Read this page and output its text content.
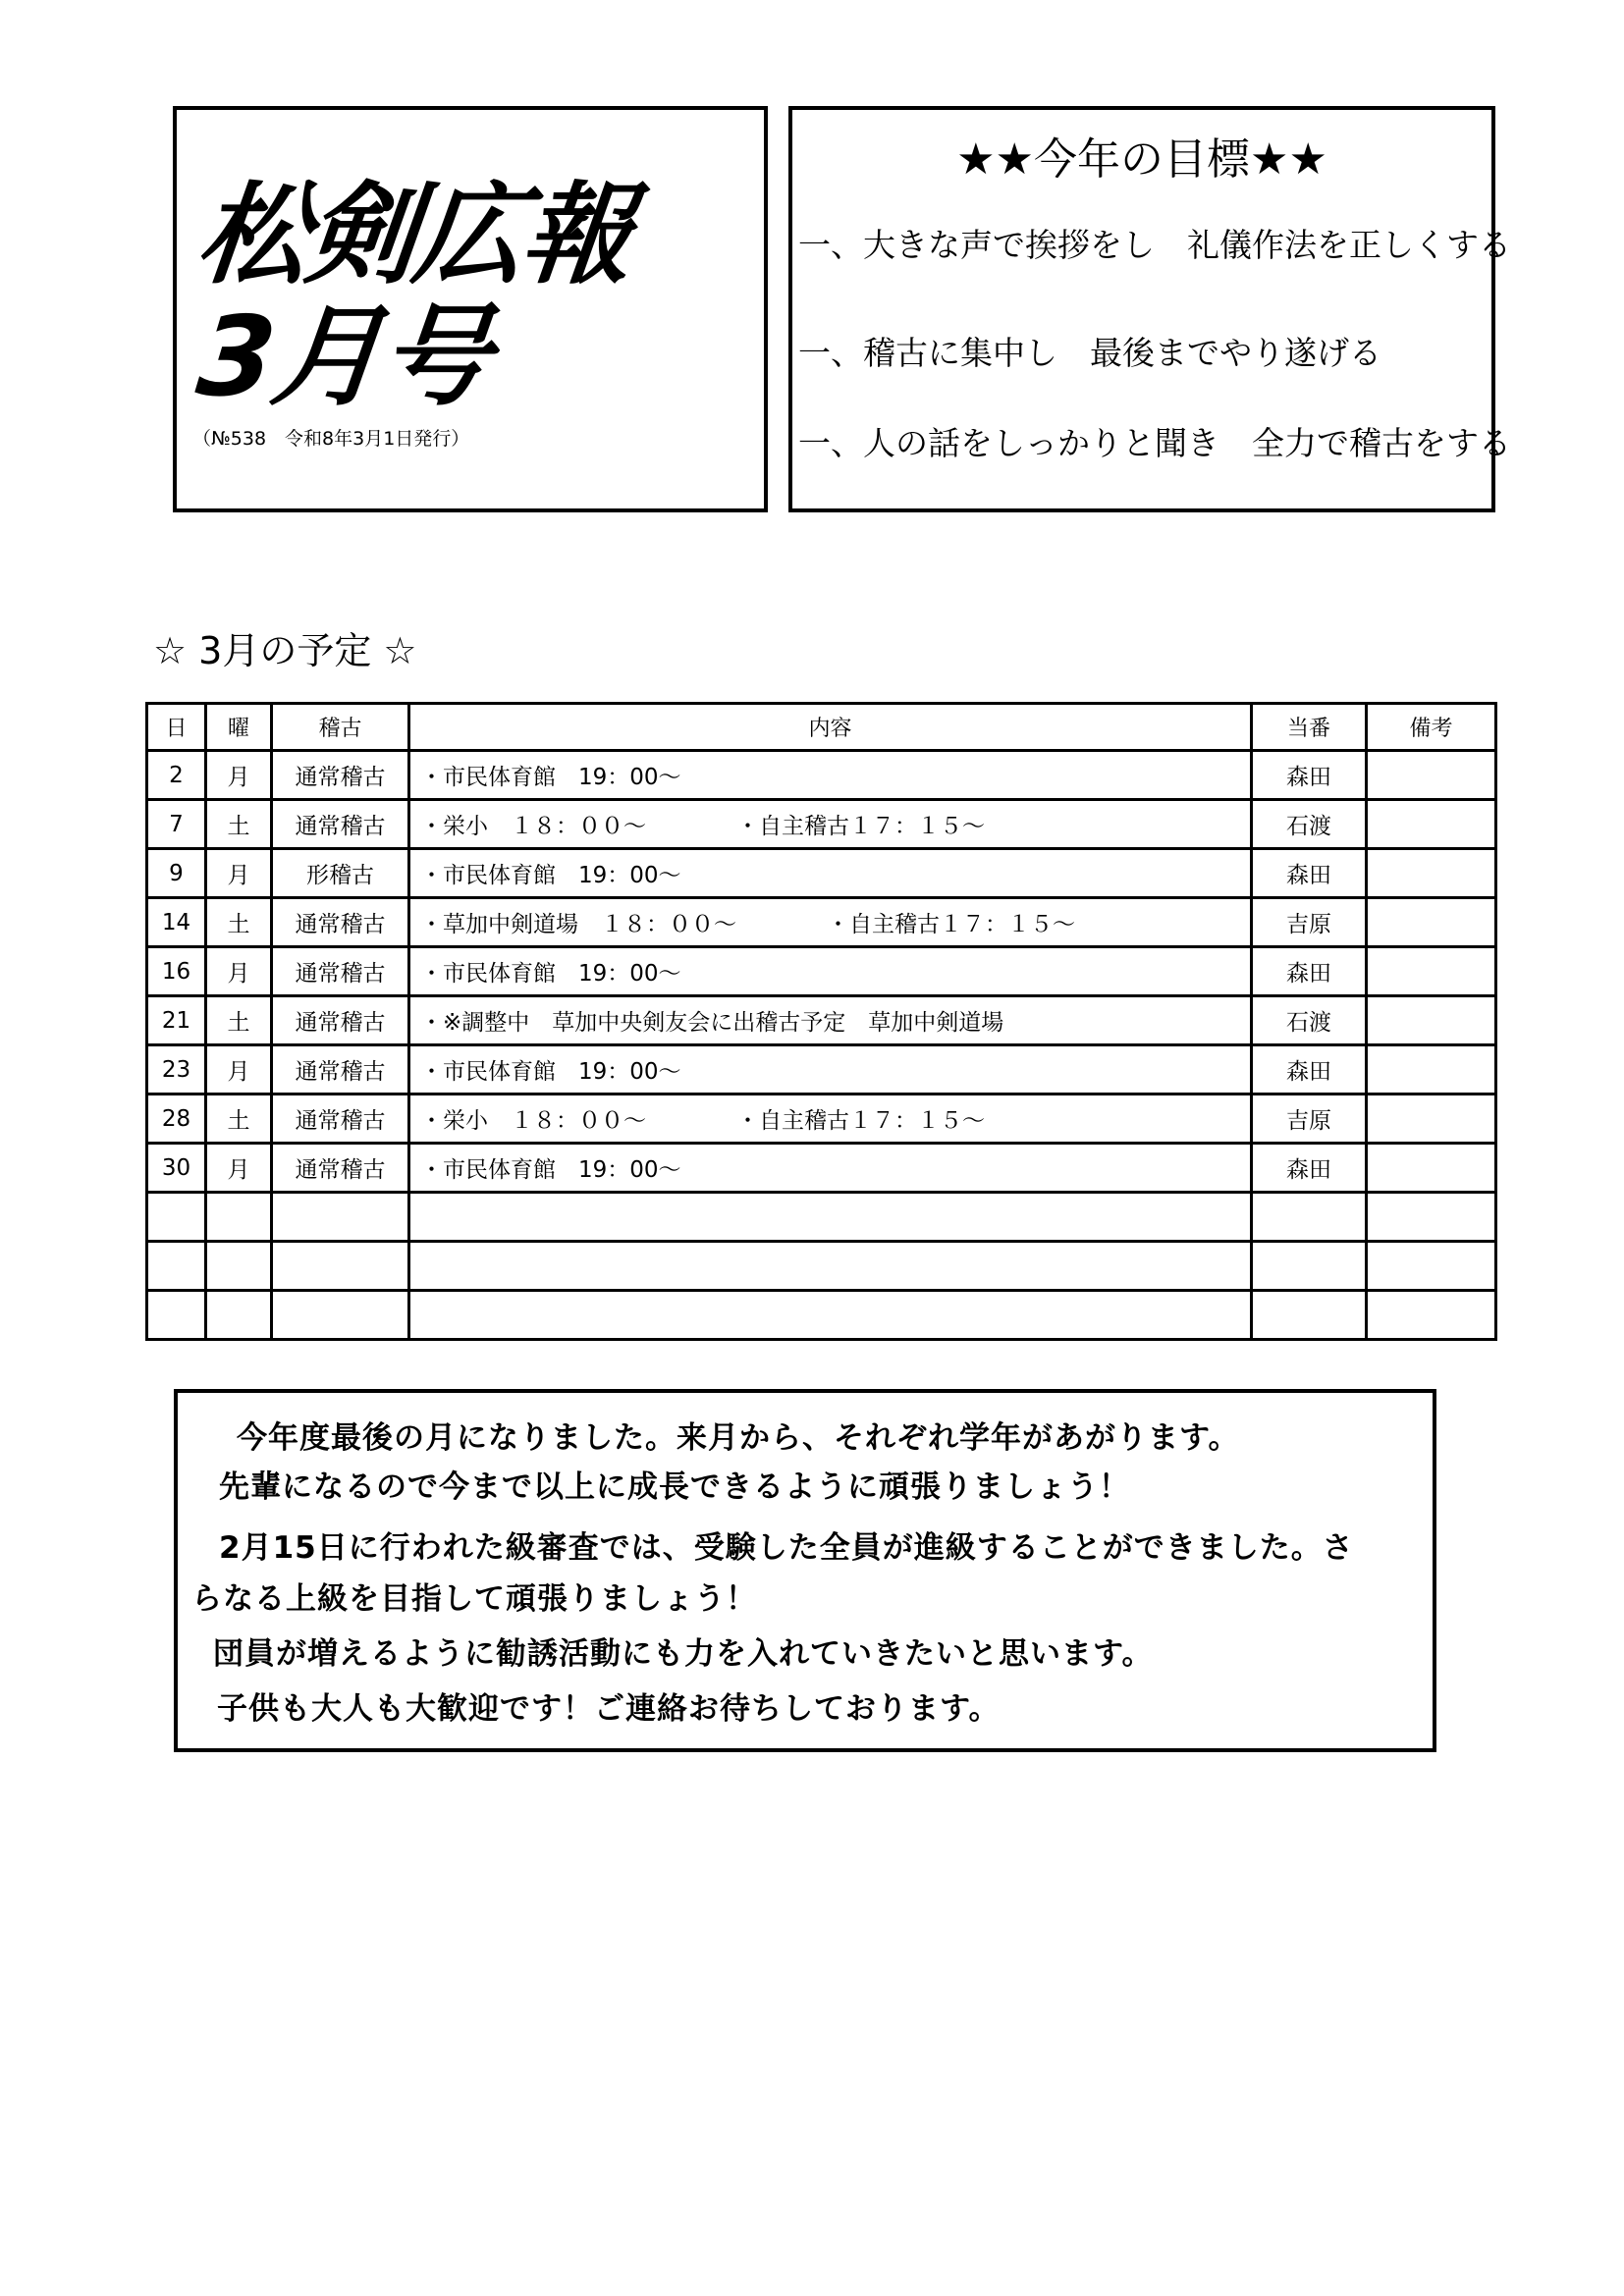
松剣広報
3月号
（№538　令和8年3月1日発行）
★★今年の目標★★
一、大きな声で挨拶をし　礼儀作法を正しくする
一、稽古に集中し　最後までやり遂げる
一、人の話をしっかりと聞き　全力で稽古をする
☆ 3月の予定 ☆
日	曜	稽古	内容	当番	備考
2	月	通常稽古	・市民体育館　19：00～	森田	
7	土	通常稽古	・栄小　１８：００～　　　　・自主稽古１７：１５～	石渡	
9	月	形稽古	・市民体育館　19：00～	森田	
14	土	通常稽古	・草加中剣道場　１８：００～　　　　・自主稽古１７：１５～	吉原	
16	月	通常稽古	・市民体育館　19：00～	森田	
21	土	通常稽古	・※調整中　草加中央剣友会に出稽古予定　草加中剣道場	石渡	
23	月	通常稽古	・市民体育館　19：00～	森田	
28	土	通常稽古	・栄小　１８：００～　　　　・自主稽古１７：１５～	吉原	
30	月	通常稽古	・市民体育館　19：00～	森田	

今年度最後の月になりました。来月から、それぞれ学年があがります。
先輩になるので今まで以上に成長できるように頑張りましょう！
2月15日に行われた級審査では、受験した全員が進級することができました。さ
らなる上級を目指して頑張りましょう！
団員が増えるように勧誘活動にも力を入れていきたいと思います。
子供も大人も大歓迎です！ご連絡お待ちしております。
